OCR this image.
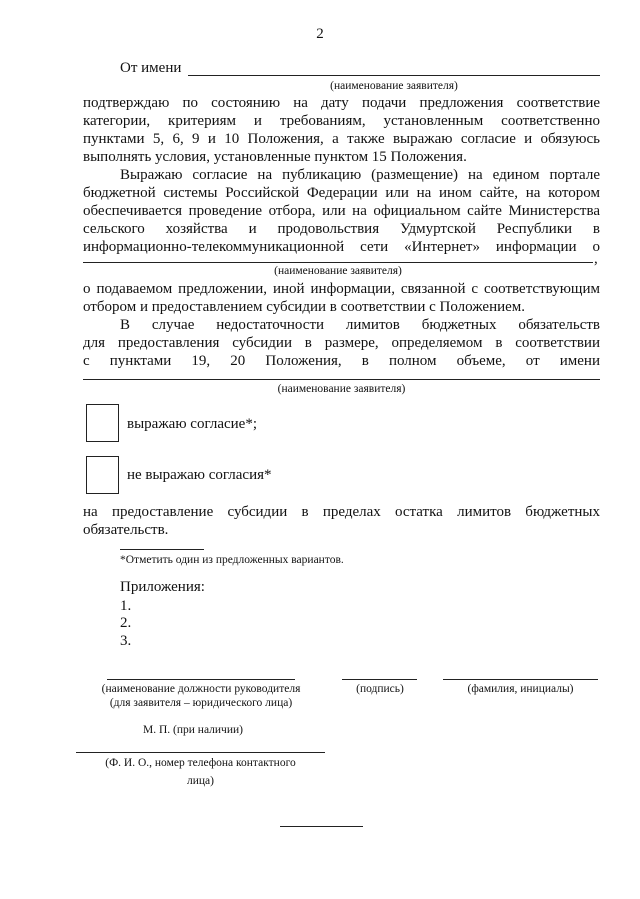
2
От имени
(наименование заявителя)
подтверждаю по состоянию на дату подачи предложения соответствие
категории, критериям и требованиям, установленным соответственно
пунктами 5, 6, 9 и 10 Положения, а также выражаю согласие и обязуюсь
выполнять условия, установленные пунктом 15 Положения.
Выражаю согласие на публикацию (размещение) на едином портале
бюджетной системы Российской Федерации или на ином сайте, на котором
обеспечивается проведение отбора, или на официальном сайте Министерства
сельского хозяйства и продовольствия Удмуртской Республики в
информационно-телекоммуникационной сети «Интернет» информации о
,
(наименование заявителя)
о подаваемом предложении, иной информации, связанной с соответствующим
отбором и предоставлением субсидии в соответствии с Положением.
В случае недостаточности лимитов бюджетных обязательств
для предоставления субсидии в размере, определяемом в соответствии
с пунктами 19, 20 Положения, в полном объеме, от имени
(наименование заявителя)
выражаю согласие*;
не выражаю согласия*
на предоставление субсидии в пределах остатка лимитов бюджетных
обязательств.
*Отметить один из предложенных вариантов.
Приложения:
1.
2.
3.
(наименование должности руководителя	(подпись)	(фамилия, инициалы)
(для заявителя – юридического лица)
М. П. (при наличии)
(Ф. И. О., номер телефона контактного
лица)
